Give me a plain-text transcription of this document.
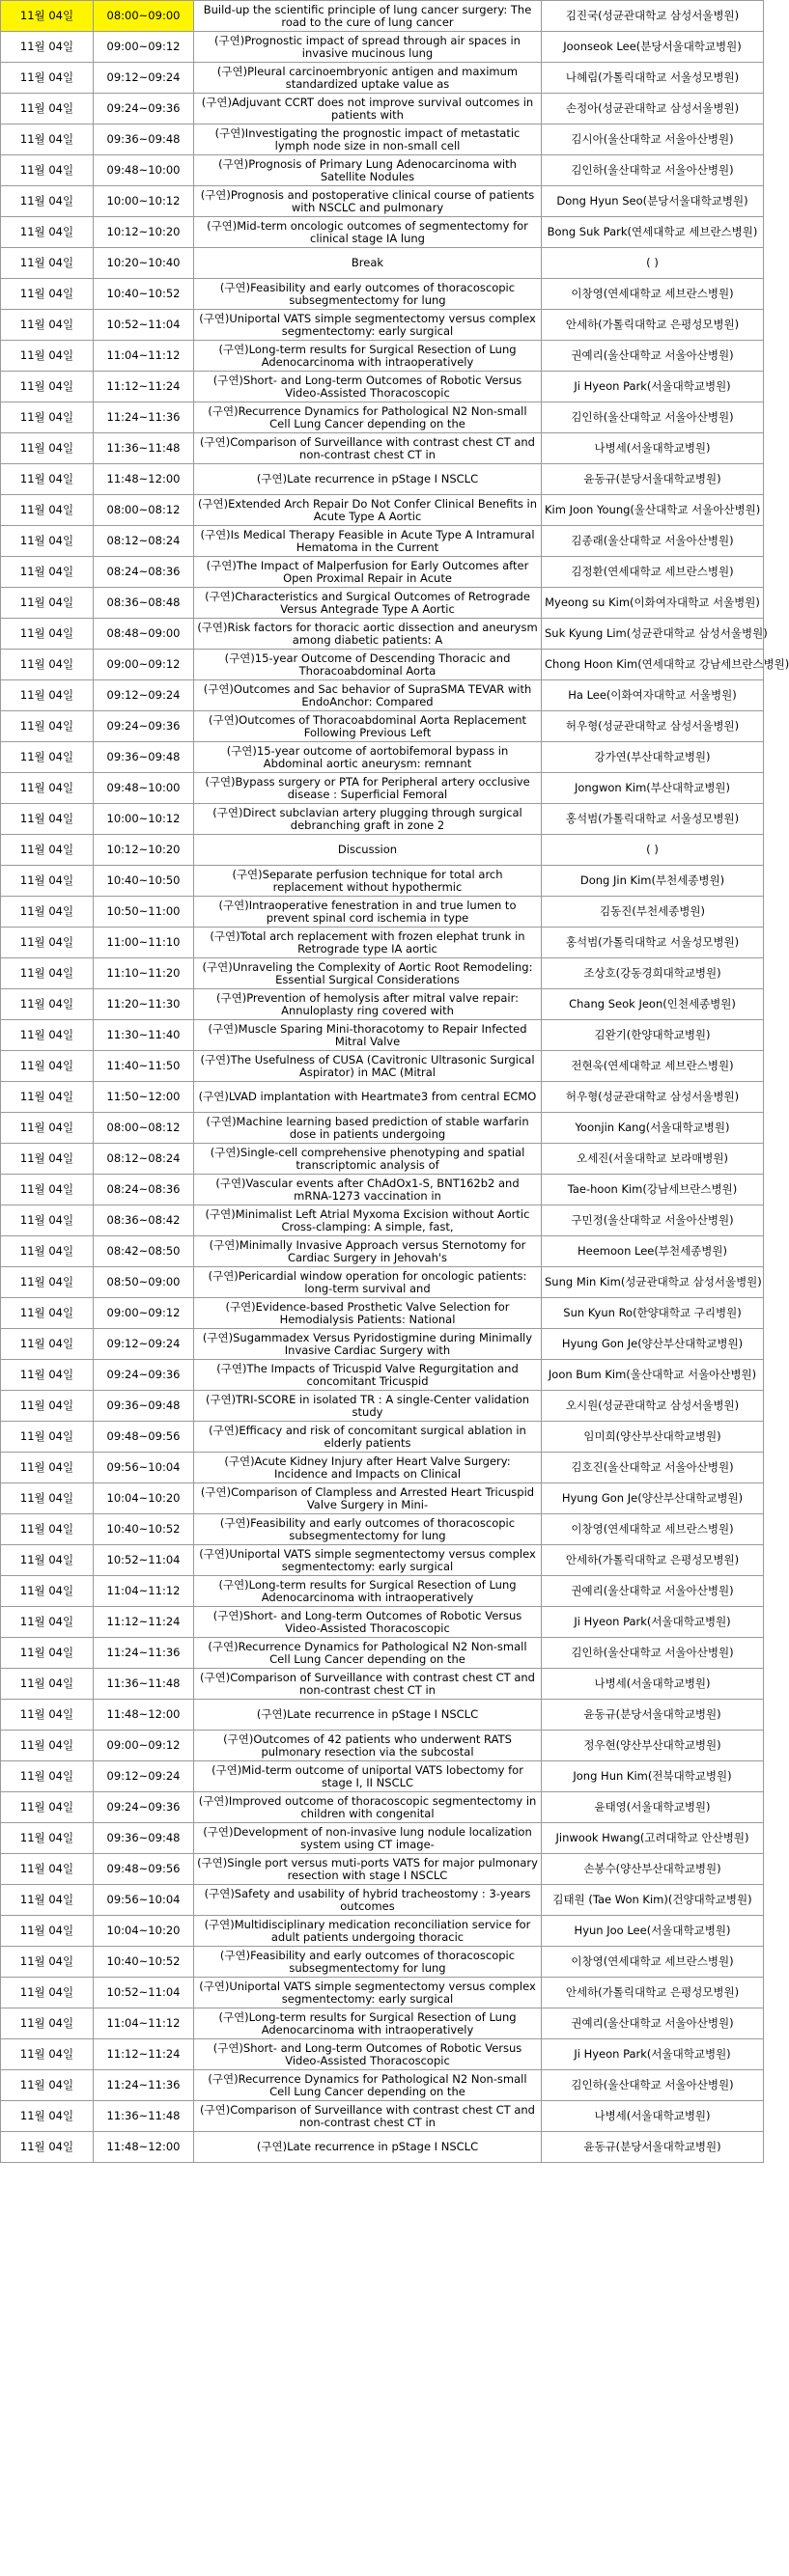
11월 04일	08:00~09:00	Build-up the scientific principle of lung cancer surgery: The road to the cure of lung cancer	김진국(성균관대학교 삼성서울병원)
11월 04일	09:00~09:12	(구연)Prognostic impact of spread through air spaces in invasive mucinous lung	Joonseok Lee(분당서울대학교병원)
11월 04일	09:12~09:24	(구연)Pleural carcinoembryonic antigen and maximum standardized uptake value as	나혜림(가톨릭대학교 서울성모병원)
11월 04일	09:24~09:36	(구연)Adjuvant CCRT does not improve survival outcomes in patients with	손정아(성균관대학교 삼성서울병원)
11월 04일	09:36~09:48	(구연)Investigating the prognostic impact of metastatic lymph node size in non-small cell	김시아(울산대학교 서울아산병원)
11월 04일	09:48~10:00	(구연)Prognosis of Primary Lung Adenocarcinoma with Satellite Nodules	김인하(울산대학교 서울아산병원)
11월 04일	10:00~10:12	(구연)Prognosis and postoperative clinical course of patients with NSCLC and pulmonary	Dong Hyun Seo(분당서울대학교병원)
11월 04일	10:12~10:20	(구연)Mid-term oncologic outcomes of segmentectomy for clinical stage IA lung	Bong Suk Park(연세대학교 세브란스병원)
11월 04일	10:20~10:40	Break	( )
11월 04일	10:40~10:52	(구연)Feasibility and early outcomes of thoracoscopic subsegmentectomy for lung	이창영(연세대학교 세브란스병원)
11월 04일	10:52~11:04	(구연)Uniportal VATS simple segmentectomy versus complex segmentectomy: early surgical	안세하(가톨릭대학교 은평성모병원)
11월 04일	11:04~11:12	(구연)Long-term results for Surgical Resection of Lung Adenocarcinoma with intraoperatively	권예리(울산대학교 서울아산병원)
11월 04일	11:12~11:24	(구연)Short- and Long-term Outcomes of Robotic Versus Video-Assisted Thoracoscopic	Ji Hyeon Park(서울대학교병원)
11월 04일	11:24~11:36	(구연)Recurrence Dynamics for Pathological N2 Non-small Cell Lung Cancer depending on the	김인하(울산대학교 서울아산병원)
11월 04일	11:36~11:48	(구연)Comparison of Surveillance with contrast chest CT and non-contrast chest CT in	나병세(서울대학교병원)
11월 04일	11:48~12:00	(구연)Late recurrence in pStage I NSCLC	윤동규(분당서울대학교병원)
11월 04일	08:00~08:12	(구연)Extended Arch Repair Do Not Confer Clinical Benefits in Acute Type A Aortic	Kim Joon Young(울산대학교 서울아산병원)
11월 04일	08:12~08:24	(구연)Is Medical Therapy Feasible in Acute Type A Intramural Hematoma in the Current	김종래(울산대학교 서울아산병원)
11월 04일	08:24~08:36	(구연)The Impact of Malperfusion for Early Outcomes after Open Proximal Repair in Acute	김정환(연세대학교 세브란스병원)
11월 04일	08:36~08:48	(구연)Characteristics and Surgical Outcomes of Retrograde Versus Antegrade Type A Aortic	Myeong su Kim(이화여자대학교 서울병원)
11월 04일	08:48~09:00	(구연)Risk factors for thoracic aortic dissection and aneurysm among diabetic patients: A	Suk Kyung Lim(성균관대학교 삼성서울병원)
11월 04일	09:00~09:12	(구연)15-year Outcome of Descending Thoracic and Thoracoabdominal Aorta	Chong Hoon Kim(연세대학교 강남세브란스병원)
11월 04일	09:12~09:24	(구연)Outcomes and Sac behavior of SupraSMA TEVAR with EndoAnchor: Compared	Ha Lee(이화여자대학교 서울병원)
11월 04일	09:24~09:36	(구연)Outcomes of Thoracoabdominal Aorta Replacement Following Previous Left	허우형(성균관대학교 삼성서울병원)
11월 04일	09:36~09:48	(구연)15-year outcome of aortobifemoral bypass in Abdominal aortic aneurysm: remnant	강가연(부산대학교병원)
11월 04일	09:48~10:00	(구연)Bypass surgery or PTA for Peripheral artery occlusive disease : Superficial Femoral	Jongwon Kim(부산대학교병원)
11월 04일	10:00~10:12	(구연)Direct subclavian artery plugging through surgical debranching graft in zone 2	홍석범(가톨릭대학교 서울성모병원)
11월 04일	10:12~10:20	Discussion	( )
11월 04일	10:40~10:50	(구연)Separate perfusion technique for total arch replacement without hypothermic	Dong Jin Kim(부천세종병원)
11월 04일	10:50~11:00	(구연)Intraoperative fenestration in and true lumen to prevent spinal cord ischemia in type	김동진(부천세종병원)
11월 04일	11:00~11:10	(구연)Total arch replacement with frozen elephat trunk in Retrograde type IA aortic	홍석범(가톨릭대학교 서울성모병원)
11월 04일	11:10~11:20	(구연)Unraveling the Complexity of Aortic Root Remodeling: Essential Surgical Considerations	조상호(강동경희대학교병원)
11월 04일	11:20~11:30	(구연)Prevention of hemolysis after mitral valve repair: Annuloplasty ring covered with	Chang Seok Jeon(인천세종병원)
11월 04일	11:30~11:40	(구연)Muscle Sparing Mini-thoracotomy to Repair Infected Mitral Valve	김완기(한양대학교병원)
11월 04일	11:40~11:50	(구연)The Usefulness of CUSA (Cavitronic Ultrasonic Surgical Aspirator) in MAC (Mitral	전현욱(연세대학교 세브란스병원)
11월 04일	11:50~12:00	(구연)LVAD implantation with Heartmate3 from central ECMO	허우형(성균관대학교 삼성서울병원)
11월 04일	08:00~08:12	(구연)Machine learning based prediction of stable warfarin dose in patients undergoing	Yoonjin Kang(서울대학교병원)
11월 04일	08:12~08:24	(구연)Single-cell comprehensive phenotyping and spatial transcriptomic analysis of	오세진(서울대학교 보라매병원)
11월 04일	08:24~08:36	(구연)Vascular events after ChAdOx1-S, BNT162b2 and mRNA-1273 vaccination in	Tae-hoon Kim(강남세브란스병원)
11월 04일	08:36~08:42	(구연)Minimalist Left Atrial Myxoma Excision without Aortic Cross-clamping: A simple, fast,	구민정(울산대학교 서울아산병원)
11월 04일	08:42~08:50	(구연)Minimally Invasive Approach versus Sternotomy for Cardiac Surgery in Jehovah's	Heemoon Lee(부천세종병원)
11월 04일	08:50~09:00	(구연)Pericardial window operation for oncologic patients: long-term survival and	Sung Min Kim(성균관대학교 삼성서울병원)
11월 04일	09:00~09:12	(구연)Evidence-based Prosthetic Valve Selection for Hemodialysis Patients: National	Sun Kyun Ro(한양대학교 구리병원)
11월 04일	09:12~09:24	(구연)Sugammadex Versus Pyridostigmine during Minimally Invasive Cardiac Surgery with	Hyung Gon Je(양산부산대학교병원)
11월 04일	09:24~09:36	(구연)The Impacts of Tricuspid Valve Regurgitation and concomitant Tricuspid	Joon Bum Kim(울산대학교 서울아산병원)
11월 04일	09:36~09:48	(구연)TRI-SCORE in isolated TR : A single-Center validation study	오시원(성균관대학교 삼성서울병원)
11월 04일	09:48~09:56	(구연)Efficacy and risk of concomitant surgical ablation in elderly patients	임미희(양산부산대학교병원)
11월 04일	09:56~10:04	(구연)Acute Kidney Injury after Heart Valve Surgery: Incidence and Impacts on Clinical	김호진(울산대학교 서울아산병원)
11월 04일	10:04~10:20	(구연)Comparison of Clampless and Arrested Heart Tricuspid Valve Surgery in Mini-	Hyung Gon Je(양산부산대학교병원)
11월 04일	10:40~10:52	(구연)Feasibility and early outcomes of thoracoscopic subsegmentectomy for lung	이창영(연세대학교 세브란스병원)
11월 04일	10:52~11:04	(구연)Uniportal VATS simple segmentectomy versus complex segmentectomy: early surgical	안세하(가톨릭대학교 은평성모병원)
11월 04일	11:04~11:12	(구연)Long-term results for Surgical Resection of Lung Adenocarcinoma with intraoperatively	권예리(울산대학교 서울아산병원)
11월 04일	11:12~11:24	(구연)Short- and Long-term Outcomes of Robotic Versus Video-Assisted Thoracoscopic	Ji Hyeon Park(서울대학교병원)
11월 04일	11:24~11:36	(구연)Recurrence Dynamics for Pathological N2 Non-small Cell Lung Cancer depending on the	김인하(울산대학교 서울아산병원)
11월 04일	11:36~11:48	(구연)Comparison of Surveillance with contrast chest CT and non-contrast chest CT in	나병세(서울대학교병원)
11월 04일	11:48~12:00	(구연)Late recurrence in pStage I NSCLC	윤동규(분당서울대학교병원)
11월 04일	09:00~09:12	(구연)Outcomes of 42 patients who underwent RATS pulmonary resection via the subcostal	정우현(양산부산대학교병원)
11월 04일	09:12~09:24	(구연)Mid-term outcome of uniportal VATS lobectomy for stage I, II NSCLC	Jong Hun Kim(전북대학교병원)
11월 04일	09:24~09:36	(구연)Improved outcome of thoracoscopic segmentectomy in children with congenital	윤태영(서울대학교병원)
11월 04일	09:36~09:48	(구연)Development of non-invasive lung nodule localization system using CT image-	Jinwook Hwang(고려대학교 안산병원)
11월 04일	09:48~09:56	(구연)Single port versus muti-ports VATS for major pulmonary resection with stage I NSCLC	손봉수(양산부산대학교병원)
11월 04일	09:56~10:04	(구연)Safety and usability of hybrid tracheostomy : 3-years outcomes	김태원 (Tae Won Kim)(건양대학교병원)
11월 04일	10:04~10:20	(구연)Multidisciplinary medication reconciliation service for adult patients undergoing thoracic	Hyun Joo Lee(서울대학교병원)
11월 04일	10:40~10:52	(구연)Feasibility and early outcomes of thoracoscopic subsegmentectomy for lung	이창영(연세대학교 세브란스병원)
11월 04일	10:52~11:04	(구연)Uniportal VATS simple segmentectomy versus complex segmentectomy: early surgical	안세하(가톨릭대학교 은평성모병원)
11월 04일	11:04~11:12	(구연)Long-term results for Surgical Resection of Lung Adenocarcinoma with intraoperatively	권예리(울산대학교 서울아산병원)
11월 04일	11:12~11:24	(구연)Short- and Long-term Outcomes of Robotic Versus Video-Assisted Thoracoscopic	Ji Hyeon Park(서울대학교병원)
11월 04일	11:24~11:36	(구연)Recurrence Dynamics for Pathological N2 Non-small Cell Lung Cancer depending on the	김인하(울산대학교 서울아산병원)
11월 04일	11:36~11:48	(구연)Comparison of Surveillance with contrast chest CT and non-contrast chest CT in	나병세(서울대학교병원)
11월 04일	11:48~12:00	(구연)Late recurrence in pStage I NSCLC	윤동규(분당서울대학교병원)
